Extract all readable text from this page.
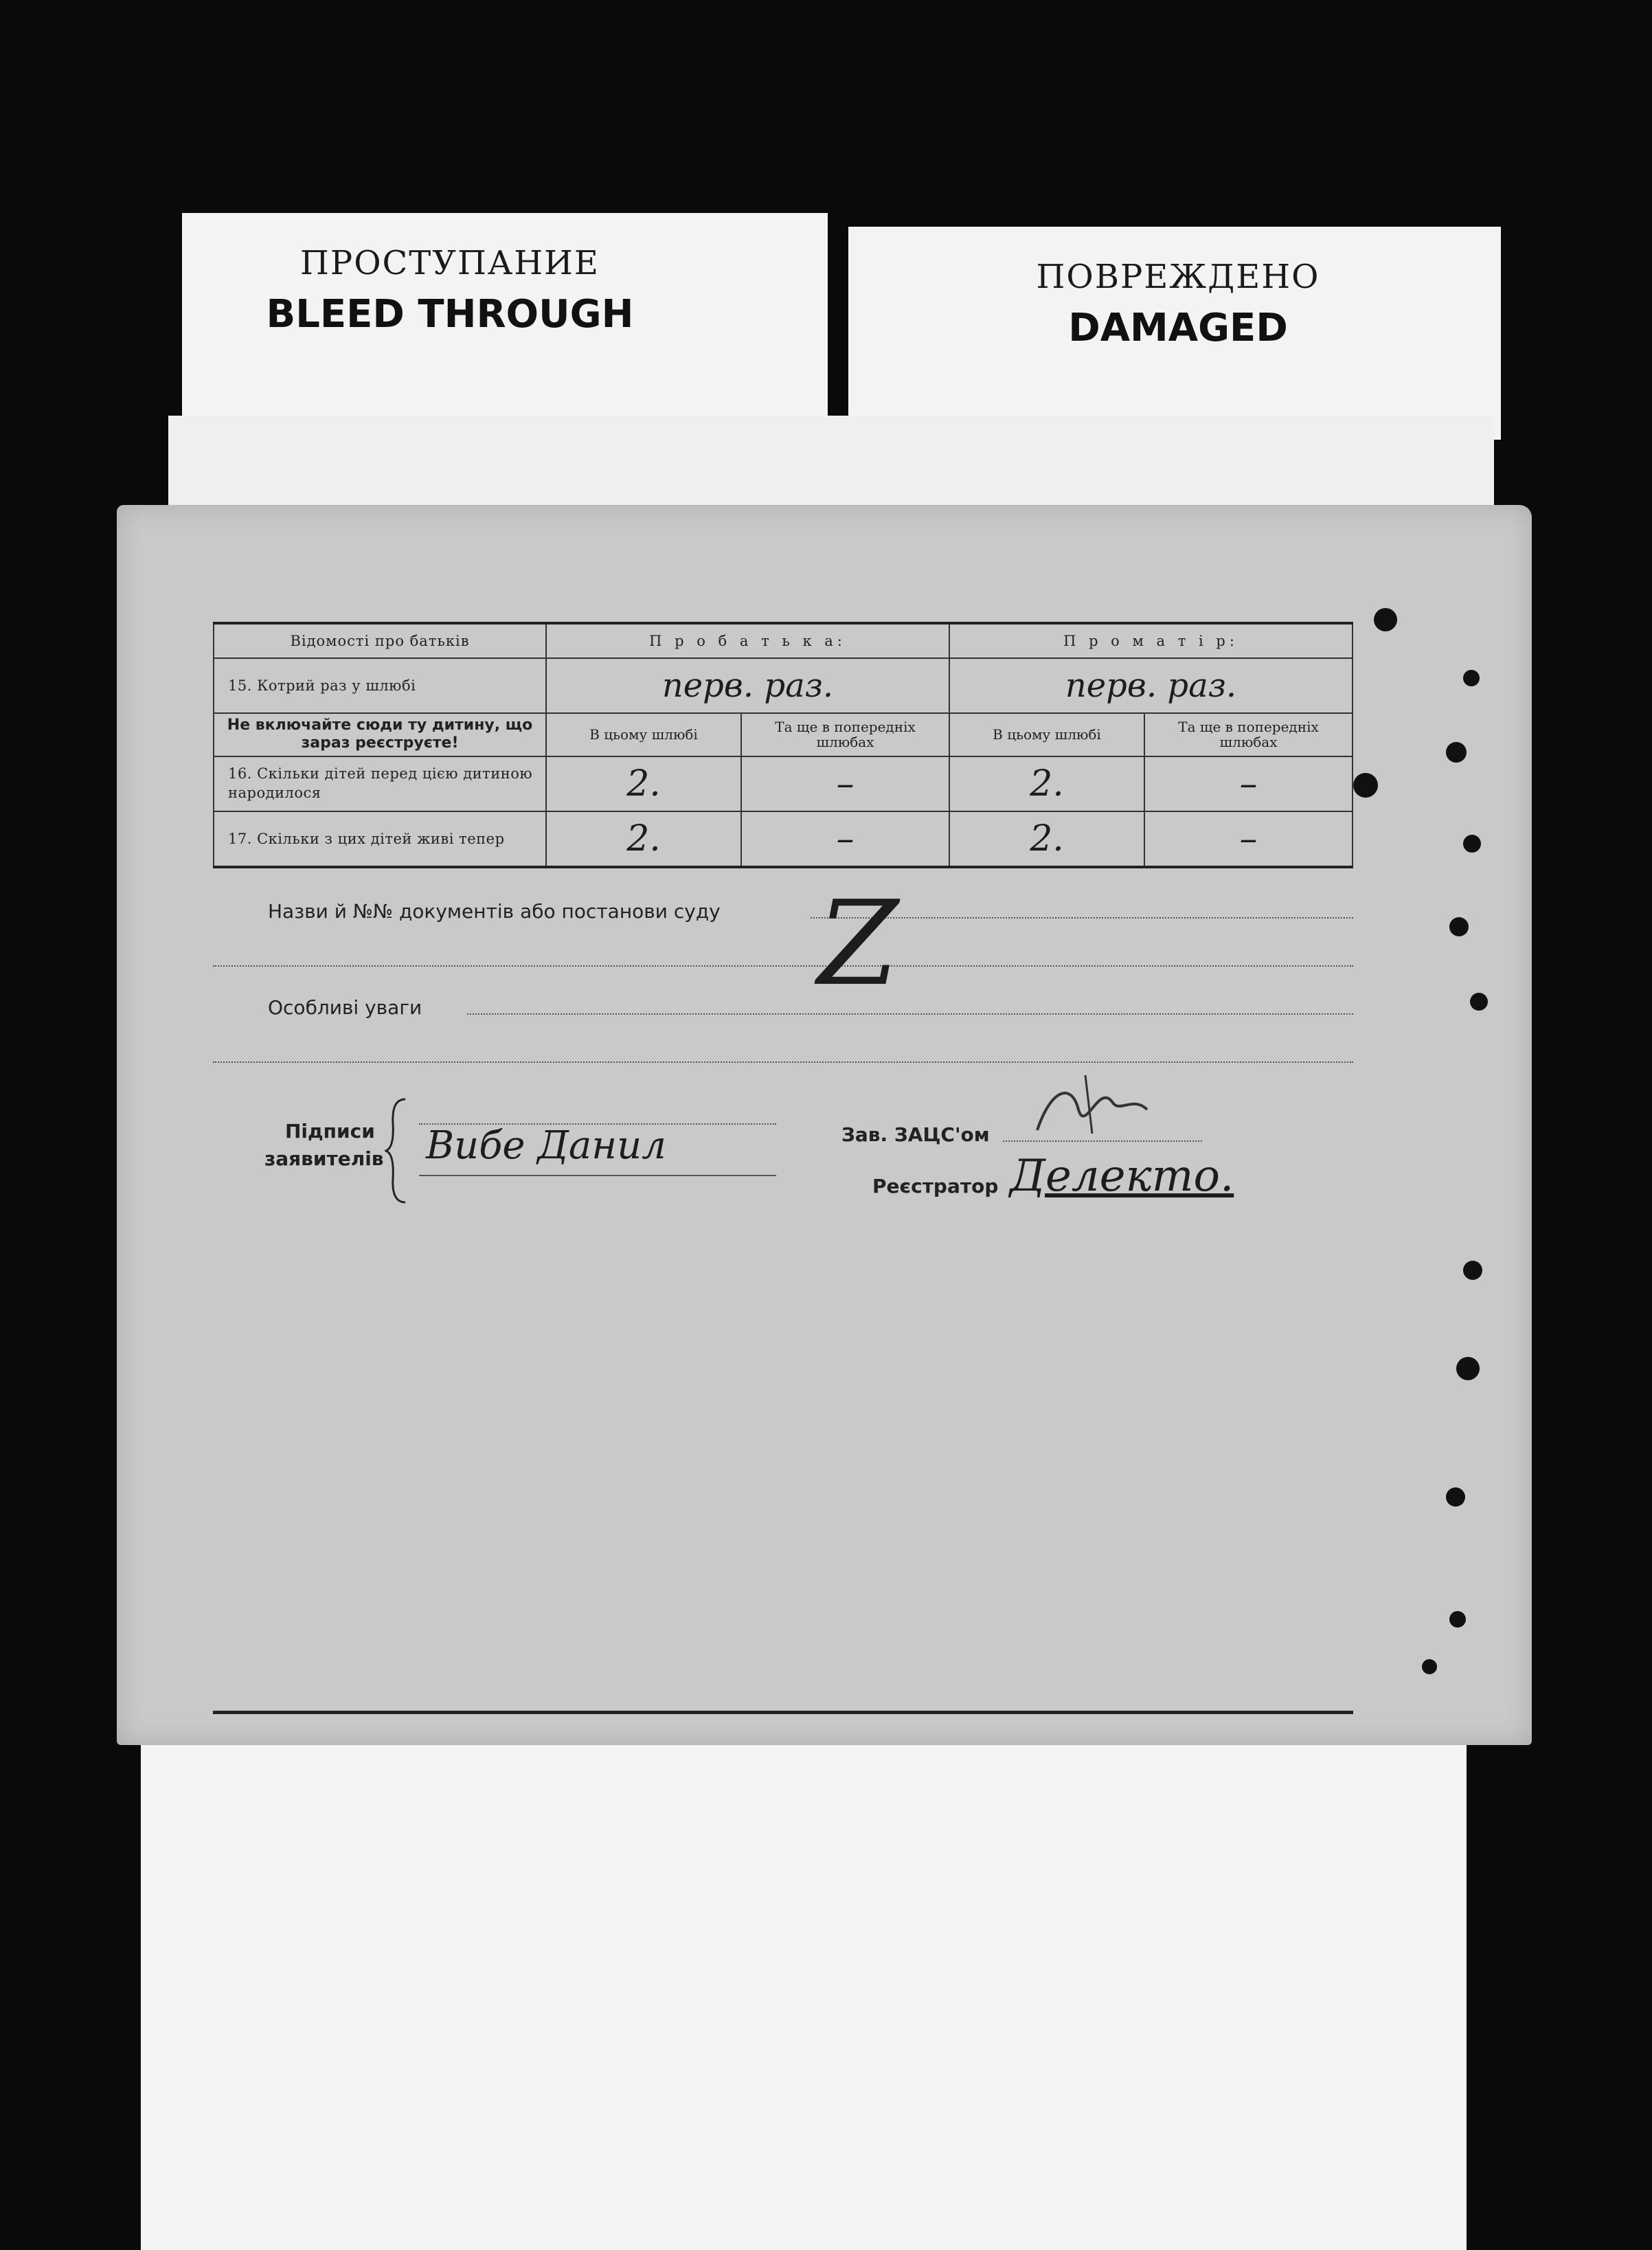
ПРОСТУПАНИЕ
BLEED THROUGH
ПОВРЕЖДЕНО
DAMAGED
Відомості про батьків	П р о б а т ь к а:		П р о м а т і р:	
15. Котрий раз у шлюбі	перв. раз.		перв. раз.	
Не включайте сюди ту дитину, що зараз реєструєте!	В цьому шлюбі	Та ще в попередніх шлюбах	В цьому шлюбі	Та ще в попередніх шлюбах
16. Скільки дітей перед цією дитиною народилося	2.	–	2.	–
17. Скільки з цих дітей живі тепер	2.	–	2.	–
Назви й №№ документів або постанови суду
Особливі уваги	Z
Підписи
заявителів Вибе Данил	Зав. ЗАЦС'ом
Реєстратор Делекто.
